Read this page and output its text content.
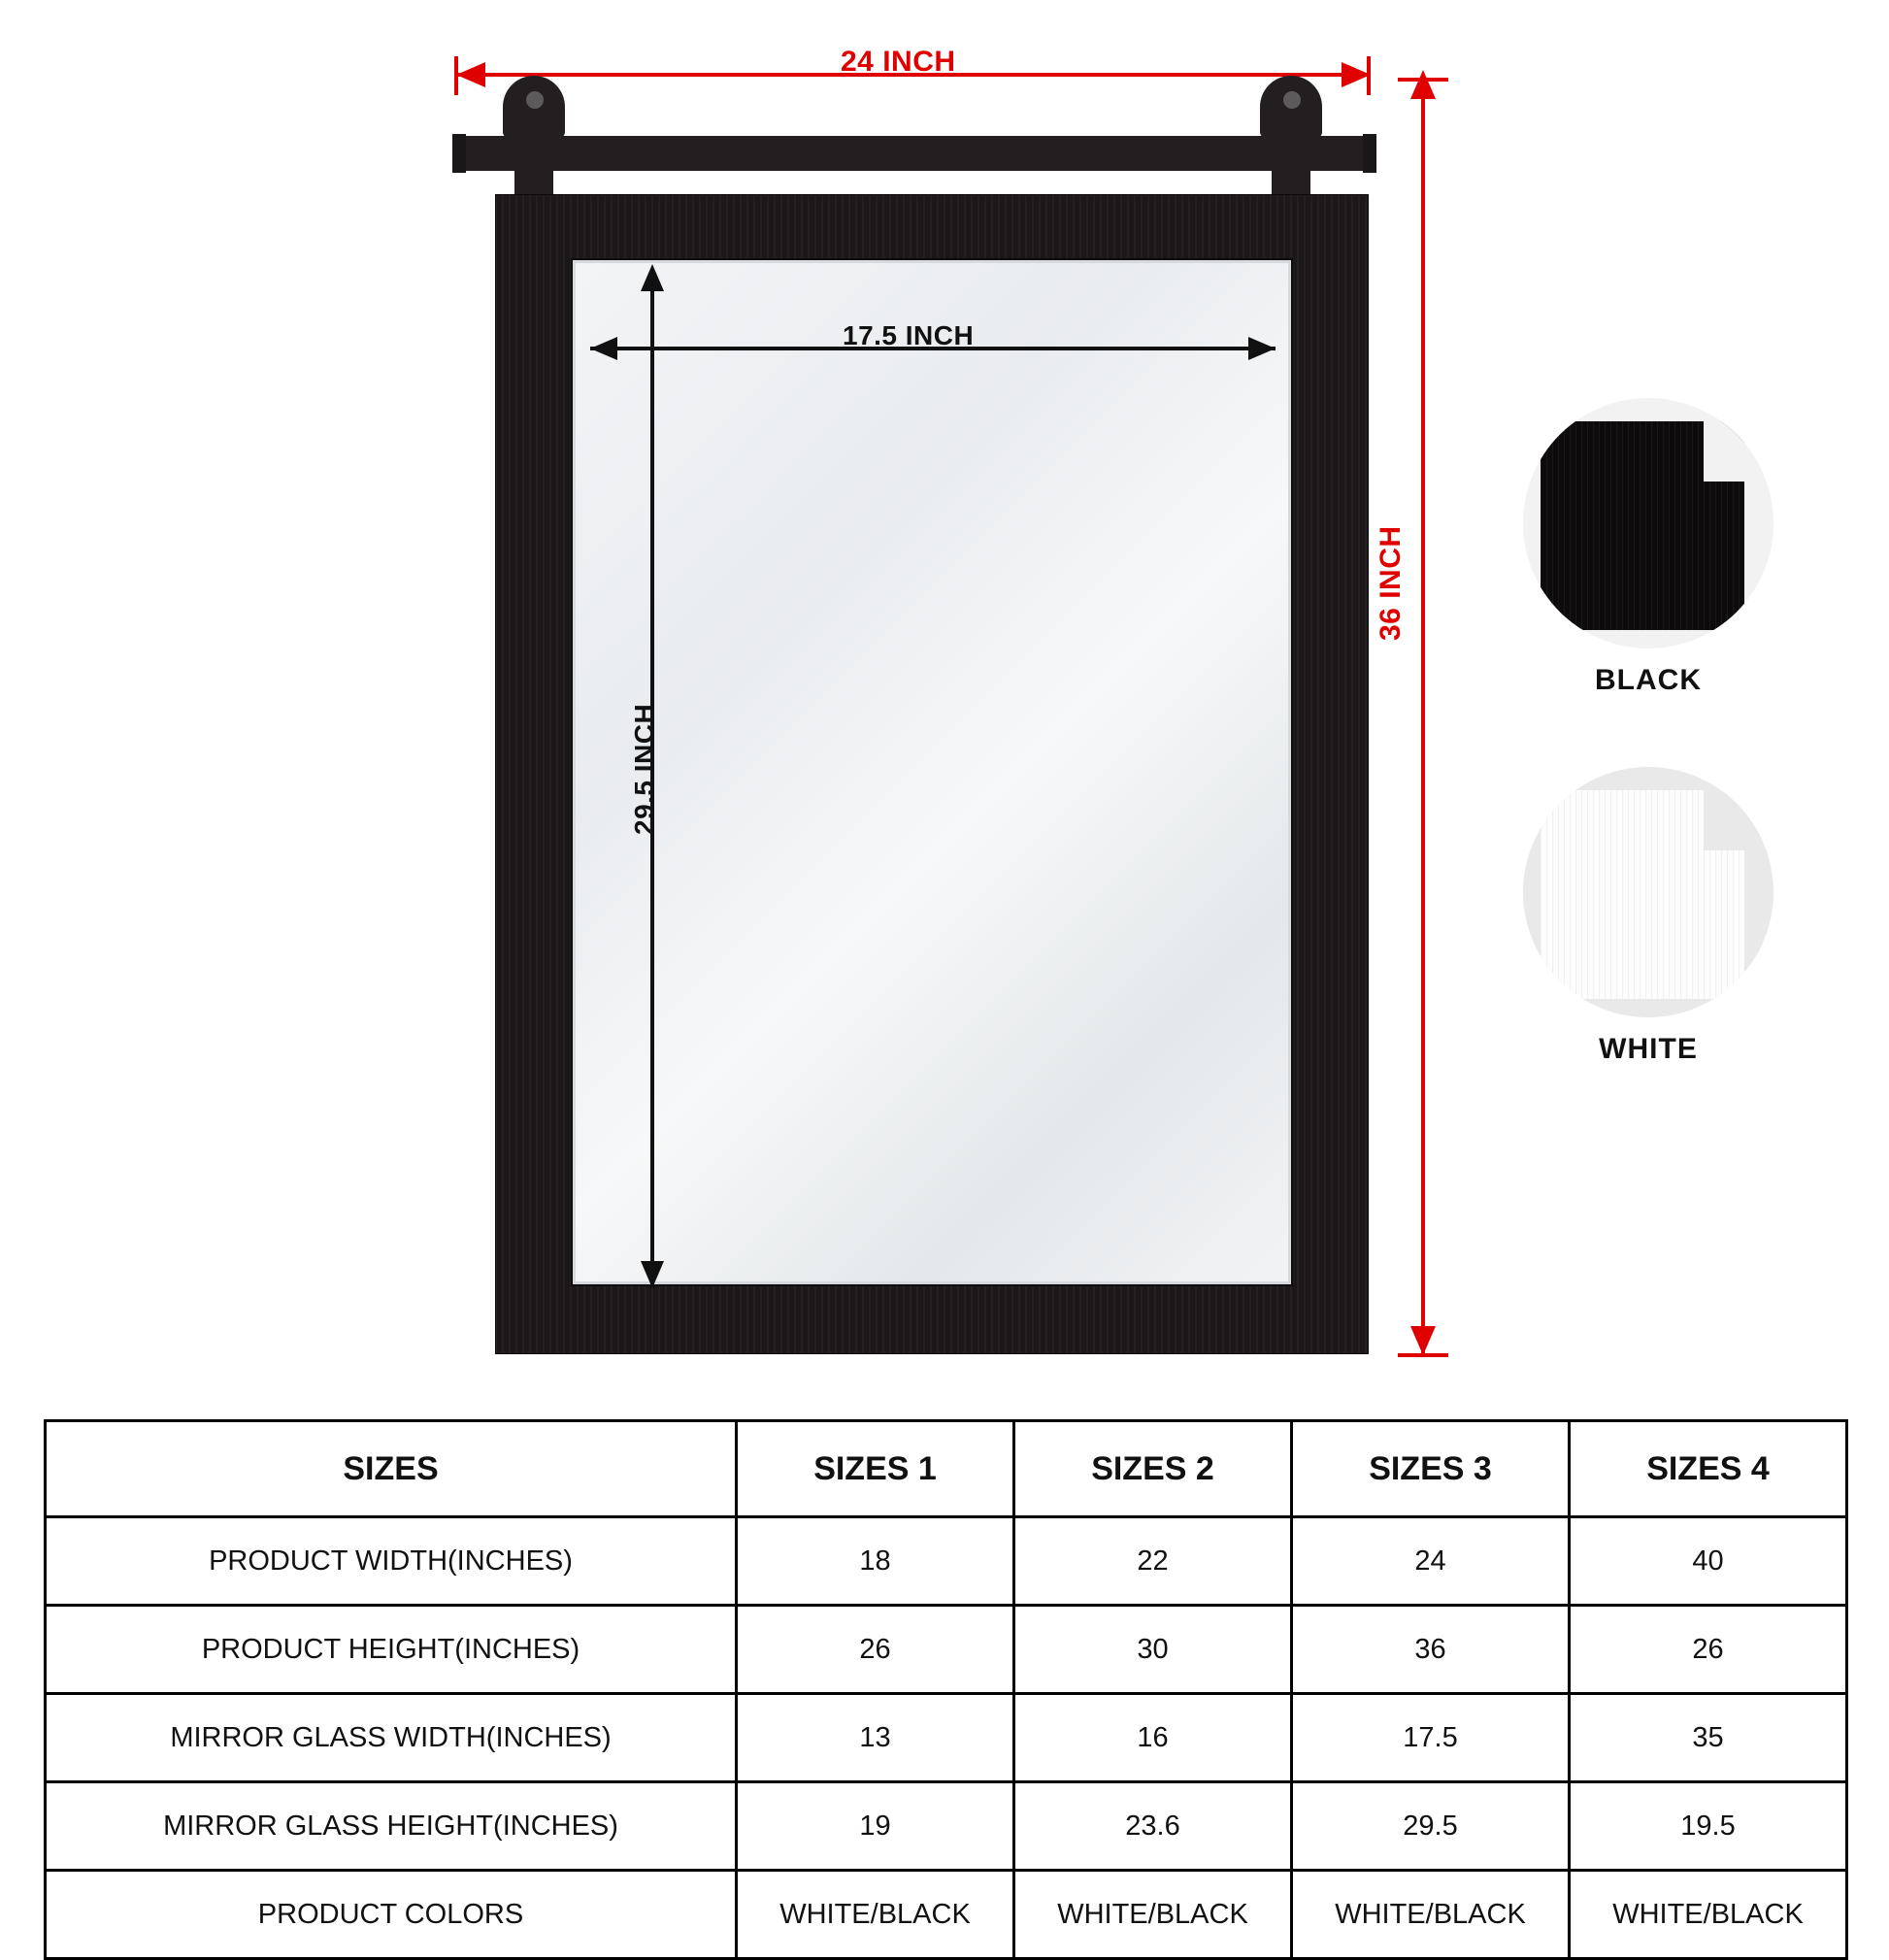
24 INCH
17.5 INCH
29.5 INCH
36 INCH
BLACK
WHITE
SIZES	SIZES 1	SIZES 2	SIZES 3	SIZES 4
PRODUCT WIDTH(INCHES)	18	22	24	40
PRODUCT HEIGHT(INCHES)	26	30	36	26
MIRROR GLASS WIDTH(INCHES)	13	16	17.5	35
MIRROR GLASS HEIGHT(INCHES)	19	23.6	29.5	19.5
PRODUCT COLORS	WHITE/BLACK	WHITE/BLACK	WHITE/BLACK	WHITE/BLACK
